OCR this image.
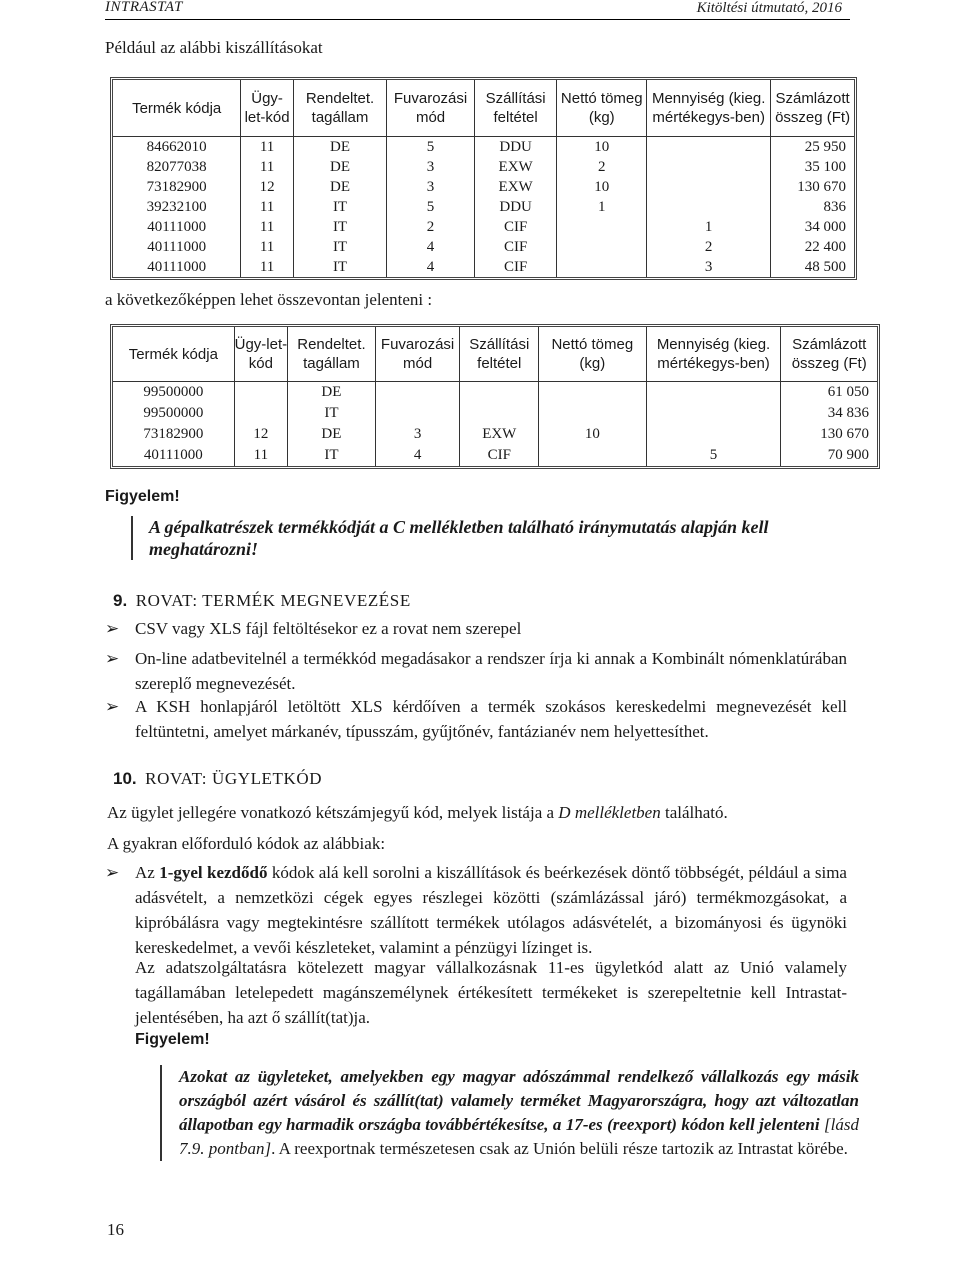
INTRASTAT	Kitöltési útmutató, 2016
Például az alábbi kiszállításokat
Termék kódja	Ügy-let-kód	Rendeltet. tagállam	Fuvarozási mód	Szállítási feltétel	Nettó tömeg (kg)	Mennyiség (kieg. mértékegys-ben)	Számlázott összeg (Ft)
84662010	11	DE	5	DDU	10		25 950
82077038	11	DE	3	EXW	2		35 100
73182900	12	DE	3	EXW	10		130 670
39232100	11	IT	5	DDU	1		836
40111000	11	IT	2	CIF		1	34 000
40111000	11	IT	4	CIF		2	22 400
40111000	11	IT	4	CIF		3	48 500
a következőképpen lehet összevontan jelenteni :
Termék kódja	Ügy-let-kód	Rendeltet. tagállam	Fuvarozási mód	Szállítási feltétel	Nettó tömeg (kg)	Mennyiség (kieg. mértékegys-ben)	Számlázott összeg (Ft)
99500000		DE					61 050
99500000		IT					34 836
73182900	12	DE	3	EXW	10		130 670
40111000	11	IT	4	CIF		5	70 900
Figyelem!
A gépalkatrészek termékkódját a C mellékletben található iránymutatás alapján kell meghatározni!
9. ROVAT: TERMÉK MEGNEVEZÉSE
➢ CSV vagy XLS fájl feltöltésekor ez a rovat nem szerepel
➢ On-line adatbevitelnél a termékkód megadásakor a rendszer írja ki annak a Kombinált nómenklatúrában szereplő megnevezését.
➢ A KSH honlapjáról letöltött XLS kérdőíven a termék szokásos kereskedelmi megnevezését kell feltüntetni, amelyet márkanév, típusszám, gyűjtőnév, fantázianév nem helyettesíthet.
10. ROVAT: ÜGYLETKÓD
Az ügylet jellegére vonatkozó kétszámjegyű kód, melyek listája a D mellékletben található.
A gyakran előforduló kódok az alábbiak:
➢ Az 1-gyel kezdődő kódok alá kell sorolni a kiszállítások és beérkezések döntő többségét, például a sima adásvételt, a nemzetközi cégek egyes részlegei közötti (számlázással járó) termékmozgásokat, a kipróbálásra vagy megtekintésre szállított termékek utólagos adásvételét, a bizományosi és ügynöki kereskedelmet, a vevői készleteket, valamint a pénzügyi lízinget is.
Az adatszolgáltatásra kötelezett magyar vállalkozásnak 11-es ügyletkód alatt az Unió valamely tagállamában letelepedett magánszemélynek értékesített termékeket is szerepeltetnie kell Intrastat-jelentésében, ha azt ő szállít(tat)ja.
Figyelem!
Azokat az ügyleteket, amelyekben egy magyar adószámmal rendelkező vállalkozás egy másik országból azért vásárol és szállít(tat) valamely terméket Magyarországra, hogy azt változatlan állapotban egy harmadik országba továbbértékesítse, a 17-es (reexport) kódon kell jelenteni [lásd 7.9. pontban]. A reexportnak természetesen csak az Unión belüli része tartozik az Intrastat körébe.
16
